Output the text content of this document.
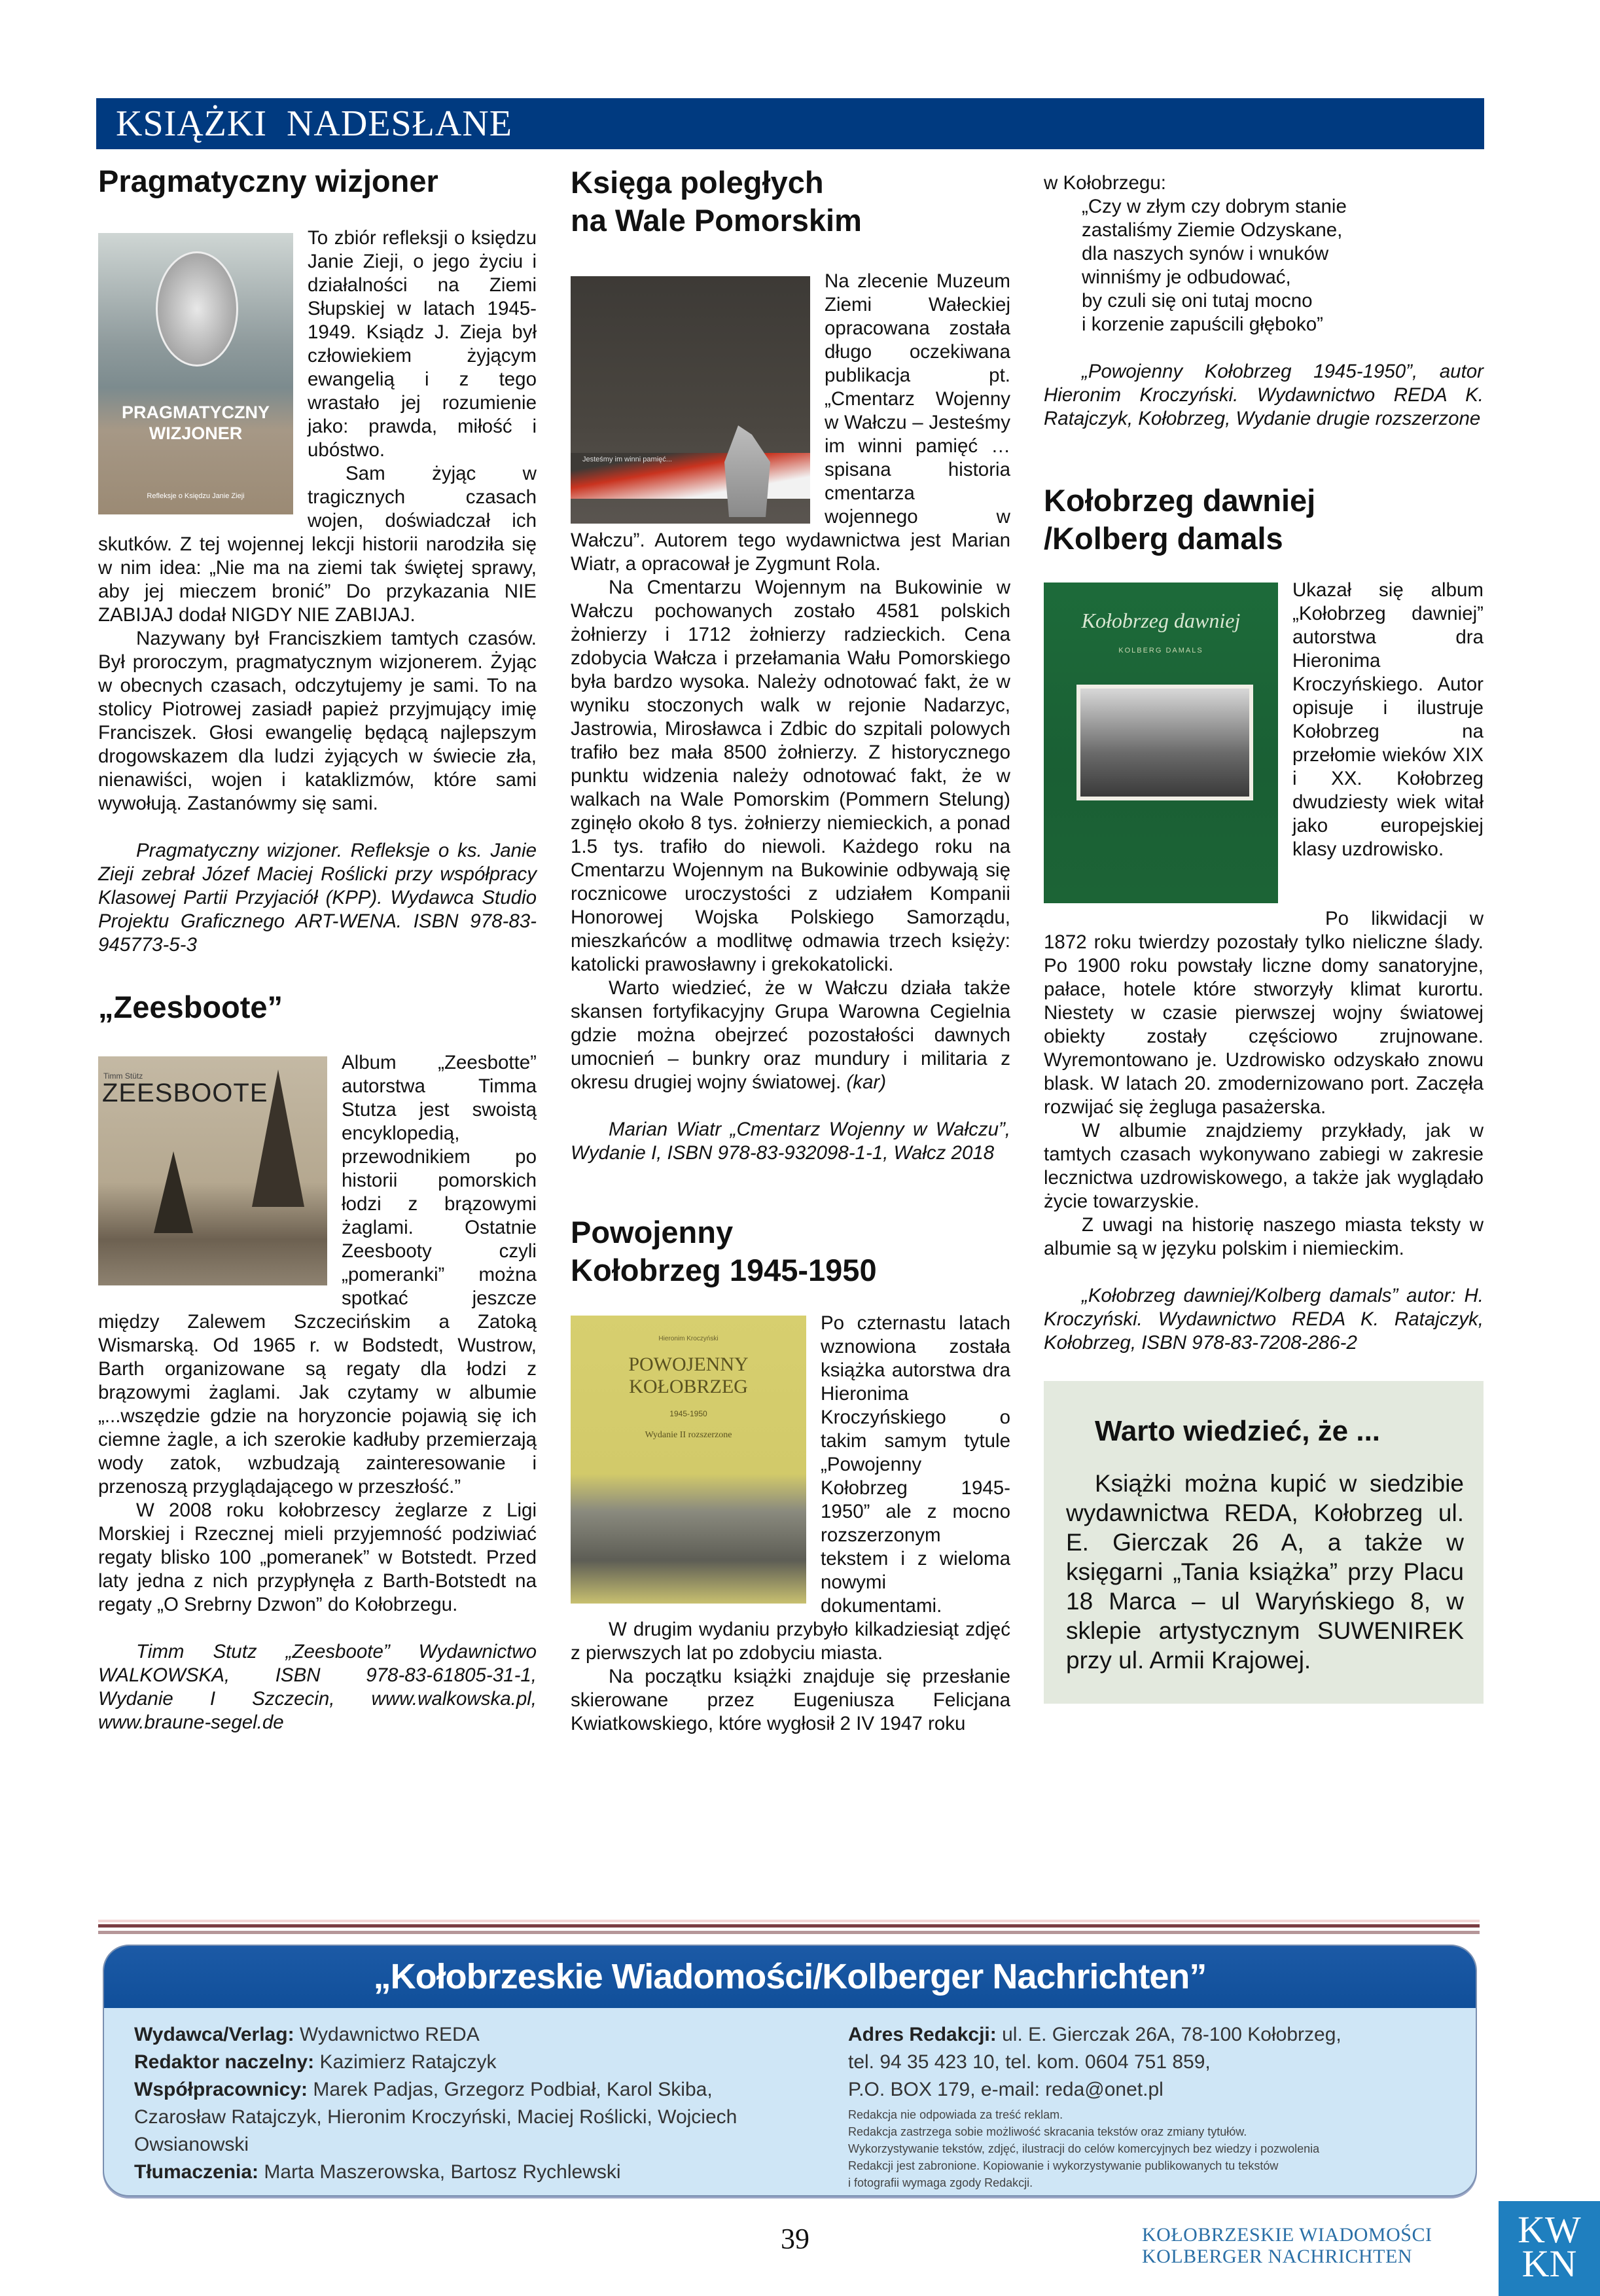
KSIĄŻKI  NADESŁANE
Pragmatyczny wizjoner
PRAGMATYCZNY WIZJONER
Refleksje o Księdzu Janie Zieji

To zbiór refleksji o księdzu Janie Zieji, o jego życiu i działalności na Ziemi Słupskiej w latach 1945-1949. Ksiądz J. Zieja był człowiekiem żyjącym ewangelią i z tego wrastało jej rozumienie jako: prawda, miłość i ubóstwo.

Sam żyjąc w tragicznych czasach wojen, doświadczał ich skutków. Z tej wojennej lekcji historii narodziła się w nim idea: „Nie ma na ziemi tak świętej sprawy, aby jej mieczem bronić” Do przykazania NIE ZABIJAJ dodał NIGDY NIE ZABIJAJ.

Nazywany był Franciszkiem tamtych czasów. Był proroczym, pragmatycznym wizjonerem. Żyjąc w obecnych czasach, odczytujemy je sami. To na stolicy Piotrowej zasiadł papież przyjmujący imię Franciszek. Głosi ewangelię będącą najlepszym drogowskazem dla ludzi żyjących w świecie zła, nienawiści, wojen i kataklizmów, które sami wywołują. Zastanówmy się sami.

Pragmatyczny wizjoner. Refleksje o ks. Janie Zieji zebrał Józef Maciej Roślicki przy współpracy Klasowej Partii Przyjaciół (KPP). Wydawca Studio Projektu Graficznego ART-WENA. ISBN 978-83-945773-5-3

„Zeesboote”
Timm Stütz
ZEESBOOTE

Album „Zeesbotte” autorstwa Timma Stutza jest swoistą encyklopedią, przewodnikiem po historii pomorskich łodzi z brązowymi żaglami. Ostatnie Zeesbooty czyli „pomeranki” można spotkać jeszcze między Zalewem Szczecińskim a Zatoką Wismarską. Od 1965 r. w Bodstedt, Wustrow, Barth organizowane są regaty dla łodzi z brązowymi żaglami. Jak czytamy w albumie „...wszędzie gdzie na horyzoncie pojawią się ich ciemne żagle, a ich szerokie kadłuby przemierzają wody zatok, wzbudzają zainteresowanie i przenoszą przyglądającego w przeszłość.”

W 2008 roku kołobrzescy żeglarze z Ligi Morskiej i Rzecznej mieli przyjemność podziwiać regaty blisko 100 „pomeranek” w Botstedt. Przed laty jedna z nich przypłynęła z Barth-Botstedt na regaty „O Srebrny Dzwon” do Kołobrzegu.

Timm Stutz „Zeesboote” Wydawnictwo WALKOWSKA, ISBN 978-83-61805-31-1, Wydanie I Szczecin, www.walkowska.pl, www.braune-segel.de

Księga poległych
na Wale Pomorskim
Jesteśmy im winni pamięć...

Na zlecenie Muzeum Ziemi Wałeckiej opracowana została długo oczekiwana publikacja pt. „Cmentarz Wojenny w Wałczu – Jesteśmy im winni pamięć … spisana historia cmentarza wojennego w Wałczu”. Autorem tego wydawnictwa jest Marian Wiatr, a opracował je Zygmunt Rola.

Na Cmentarzu Wojennym na Bukowinie w Wałczu pochowanych zostało 4581 polskich żołnierzy i 1712 żołnierzy radzieckich. Cena zdobycia Wałcza i przełamania Wału Pomorskiego była bardzo wysoka. Należy odnotować fakt, że w wyniku stoczonych walk w rejonie Nadarzyc, Jastrowia, Mirosławca i Zdbic do szpitali polowych trafiło bez mała 8500 żołnierzy. Z historycznego punktu widzenia należy odnotować fakt, że w walkach na Wale Pomorskim (Pommern Stelung) zginęło około 8 tys. żołnierzy niemieckich, a ponad 1.5 tys. trafiło do niewoli. Każdego roku na Cmentarzu Wojennym na Bukowinie odbywają się rocznicowe uroczystości z udziałem Kompanii Honorowej Wojska Polskiego Samorządu, mieszkańców a modlitwę odmawia trzech księży: katolicki prawosławny i grekokatolicki.

Warto wiedzieć, że w Wałczu działa także skansen fortyfikacyjny Grupa Warowna Cegielnia gdzie można obejrzeć pozostałości dawnych umocnień – bunkry oraz mundury i militaria z okresu drugiej wojny światowej. (kar)

Marian Wiatr „Cmentarz Wojenny w Wałczu”, Wydanie I, ISBN 978-83-932098-1-1, Wałcz 2018

Powojenny
Kołobrzeg 1945-1950
Hieronim Kroczyński
POWOJENNY KOŁOBRZEG
1945-1950
Wydanie II rozszerzone

Po czternastu latach wznowiona została książka autorstwa dra Hieronima Kroczyńskiego o takim samym tytule „Powojenny Kołobrzeg 1945-1950” ale z mocno rozszerzonym tekstem i z wieloma nowymi dokumentami.

W drugim wydaniu przybyło kilkadziesiąt zdjęć z pierwszych lat po zdobyciu miasta.

Na początku książki znajduje się przesłanie skierowane przez Eugeniusza Felicjana Kwiatkowskiego, które wygłosił 2 IV 1947 roku

w Kołobrzegu:

„Czy w złym czy dobrym stanie
zastaliśmy Ziemie Odzyskane,
dla naszych synów i wnuków
winniśmy je odbudować,
by czuli się oni tutaj mocno
i korzenie zapuścili głęboko”

„Powojenny Kołobrzeg 1945-1950”, autor Hieronim Kroczyński. Wydawnictwo REDA K. Ratajczyk, Kołobrzeg, Wydanie drugie rozszerzone

Kołobrzeg dawniej
/Kolberg damals
Kołobrzeg dawniej
KOLBERG DAMALS

Ukazał się album „Kołobrzeg dawniej” autorstwa dra Hieronima Kroczyńskiego. Autor opisuje i ilustruje Kołobrzeg na przełomie wieków XIX i XX. Kołobrzeg dwudziesty wiek witał jako europejskiej klasy uzdrowisko.

Po likwidacji w 1872 roku twierdzy pozostały tylko nieliczne ślady. Po 1900 roku powstały liczne domy sanatoryjne, pałace, hotele które stworzyły klimat kurortu. Niestety w czasie pierwszej wojny światowej obiekty zostały częściowo zrujnowane. Wyremontowano je. Uzdrowisko odzyskało znowu blask. W latach 20. zmodernizowano port. Zaczęła rozwijać się żegluga pasażerska.

W albumie znajdziemy przykłady, jak w tamtych czasach wykonywano zabiegi w zakresie lecznictwa uzdrowiskowego, a także jak wyglądało życie towarzyskie.

Z uwagi na historię naszego miasta teksty w albumie są w języku polskim i niemieckim.

„Kołobrzeg dawniej/Kolberg damals” autor: H. Kroczyński. Wydawnictwo REDA K. Ratajczyk, Kołobrzeg, ISBN 978-83-7208-286-2

Warto wiedzieć, że ...

Książki można kupić w siedzibie wydawnictwa REDA, Kołobrzeg ul. E. Gierczak 26 A, a także w księgarni „Tania książka” przy Placu 18 Marca – ul Waryńskiego 8, w sklepie artystycznym SUWENIREK przy ul. Armii Krajowej.

„Kołobrzeskie Wiadomości/Kolberger Nachrichten”
Wydawca/Verlag: Wydawnictwo REDA
Redaktor naczelny: Kazimierz Ratajczyk
Współpracownicy: Marek Padjas, Grzegorz Podbiał, Karol Skiba, Czarosław Ratajczyk, Hieronim Kroczyński, Maciej Roślicki, Wojciech Owsianowski
Tłumaczenia: Marta Maszerowska, Bartosz Rychlewski
Adres Redakcji: ul. E. Gierczak 26A, 78-100 Kołobrzeg,
tel. 94 35 423 10, tel. kom. 0604 751 859,
P.O. BOX 179, e-mail: reda@onet.pl
Redakcja nie odpowiada za treść reklam.
Redakcja zastrzega sobie możliwość skracania tekstów oraz zmiany tytułów.
Wykorzystywanie tekstów, zdjęć, ilustracji do celów komercyjnych bez wiedzy i pozwolenia
Redakcji jest zabronione. Kopiowanie i wykorzystywanie publikowanych tu tekstów
i fotografii wymaga zgody Redakcji.
39	KOŁOBRZESKIE WIADOMOŚCI
KOLBERGER NACHRICHTEN
KW
KN
